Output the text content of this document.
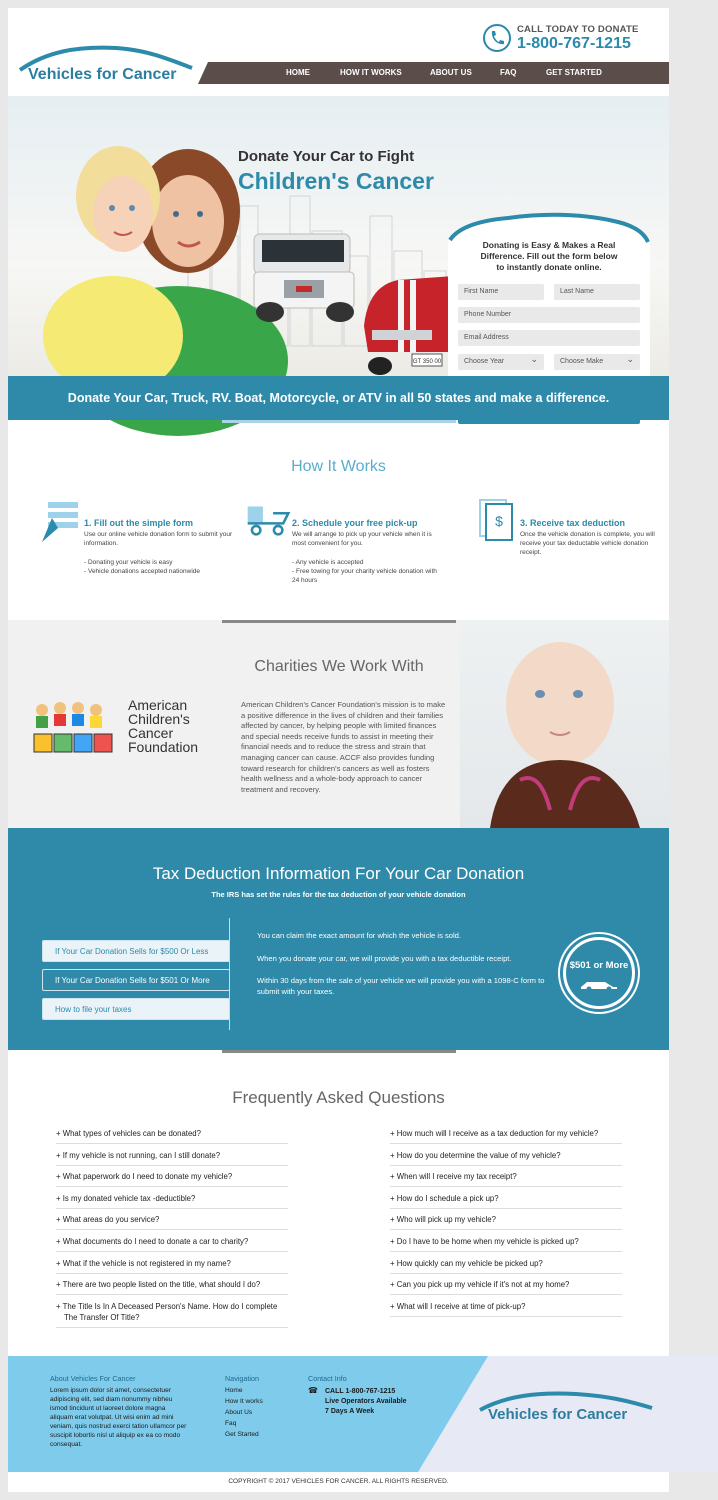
Vehicles for Cancer
CALL TODAY TO DONATE
1-800-767-1215
HOME	HOW IT WORKS	ABOUT US	FAQ	GET STARTED
Donate Your Car to Fight
Children's Cancer
GT 350 00
Donating is Easy & Makes a Real
Difference. Fill out the form below
to instantly donate online.
First Name	Last Name
Phone Number
Email Address
Choose Year ⌄	Choose Make ⌄
Donate Your Car, Truck, RV. Boat, Motorcycle, or ATV in all 50 states and make a difference.
How It Works
1. Fill out the simple form
Use our online vehicle donation form to submit your information.
- Donating your vehicle is easy
- Vehicle donations accepted nationwide
2. Schedule your free pick-up
We will arrange to pick up your vehicle when it is most convenient for you.
- Any vehicle is accepted
- Free towing for your charity vehicle donation with 24 hours
$ 3. Receive tax deduction
Once the vehicle donation is complete, you will receive your tax deductable vehicle donation receipt.
Charities We Work With
American
Children's
Cancer
Foundation
American Children's Cancer Foundation's mission is to make a positive difference in the lives of children and their families affected by cancer, by helping people with limited finances and special needs receive funds to assist in meeting their financial needs and to reduce the stress and strain that managing cancer can cause. ACCF also provides funding toward research for children's cancers as well as fosters health wellness and a whole-body approach to cancer treatment and recovery.
Tax Deduction Information For Your Car Donation
The IRS has set the rules for the tax deduction of your vehicle donation
If Your Car Donation Sells for $500 Or Less
If Your Car Donation Sells for $501 Or More
How to file your taxes
You can claim the exact amount for which the vehicle is sold.
When you donate your car, we will provide you with a tax deductible receipt.
Within 30 days from the sale of your vehicle we will provide you with a 1098-C form to submit with your taxes.
$501 or More
Frequently Asked Questions
+ What types of vehicles can be donated?
+ If my vehicle is not running, can I still donate?
+ What paperwork do I need to donate my vehicle?
+ Is my donated vehicle tax -deductible?
+ What areas do you service?
+ What documents do I need to donate a car to charity?
+ What if the vehicle is not registered in my name?
+ There are two people listed on the title, what should I do?
+ The Title Is In A Deceased Person's Name. How do I complete The Transfer Of Title?
+ How much will I receive as a tax deduction for my vehicle?
+ How do you determine the value of my vehicle?
+ When will I receive my tax receipt?
+ How do I schedule a pick up?
+ Who will pick up my vehicle?
+ Do I have to be home when my vehicle is picked up?
+ How quickly can my vehicle be picked up?
+ Can you pick up my vehicle if it's not at my home?
+ What will I receive at time of pick-up?
About Vehicles For Cancer
Lorem ipsum dolor sit amet, consectetuer adipiscing elit, sed diam nonummy nibheu ismod tincidunt ut laoreet dolore magna aliquam erat volutpat. Ut wisi enim ad mini veniam, quis nostrud exerci tation ullamcor per suscipit lobortis nisl ut aliquip ex ea co modo consequat.
Navigation
Home
How It works
About Us
Faq
Get Started
Contact Info
☎ CALL 1-800-767-1215
Live Operators Available
7 Days A Week	Vehicles for Cancer
COPYRIGHT © 2017 VEHICLES FOR CANCER. ALL RIGHTS RESERVED.
